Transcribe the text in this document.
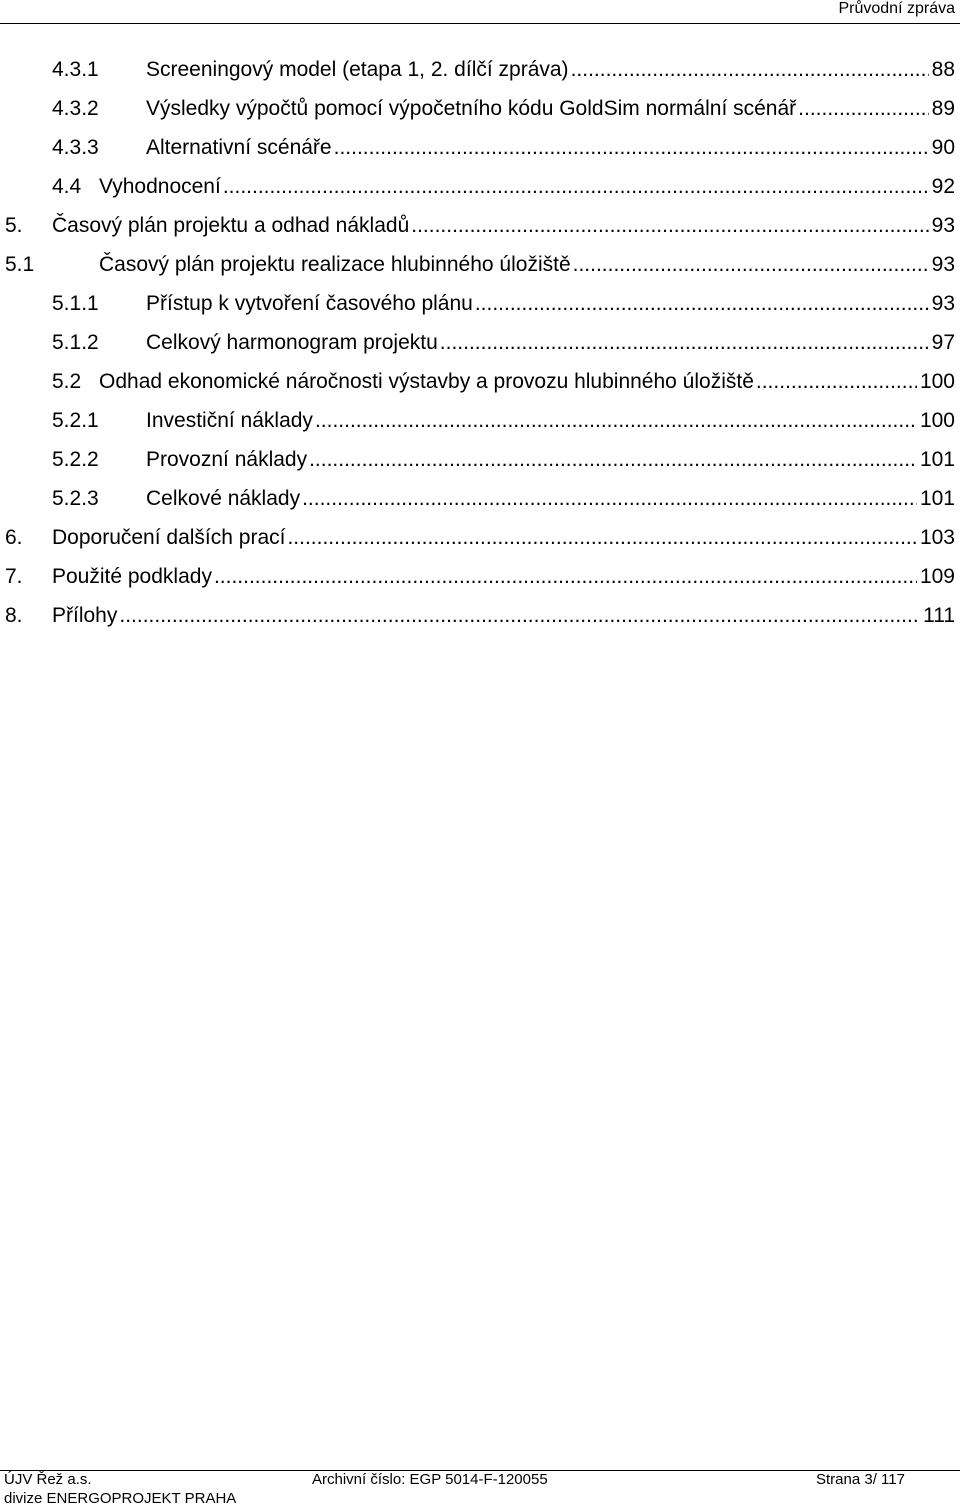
Průvodní zpráva
4.3.1	Screeningový model (etapa 1, 2. dílčí zpráva) .....	88
4.3.2	Výsledky výpočtů pomocí výpočetního kódu GoldSim normální scénář .....	89
4.3.3	Alternativní scénáře .....	90
4.4 Vyhodnocení .....	92
5.	Časový plán projektu a odhad nákladů .....	93
5.1	Časový plán projektu realizace hlubinného úložiště .....	93
5.1.1	Přístup k vytvoření časového plánu .....	93
5.1.2	Celkový harmonogram projektu .....	97
5.2 Odhad ekonomické náročnosti výstavby a provozu hlubinného úložiště .....	100
5.2.1	Investiční náklady .....	100
5.2.2	Provozní náklady .....	101
5.2.3	Celkové náklady .....	101
6.	Doporučení dalších prací .....	103
7.	Použité podklady .....	109
8.	Přílohy .....	111
ÚJV Řež a.s.
divize ENERGOPROJEKT PRAHA
Archivní číslo: EGP 5014-F-120055	Strana 3/ 117
